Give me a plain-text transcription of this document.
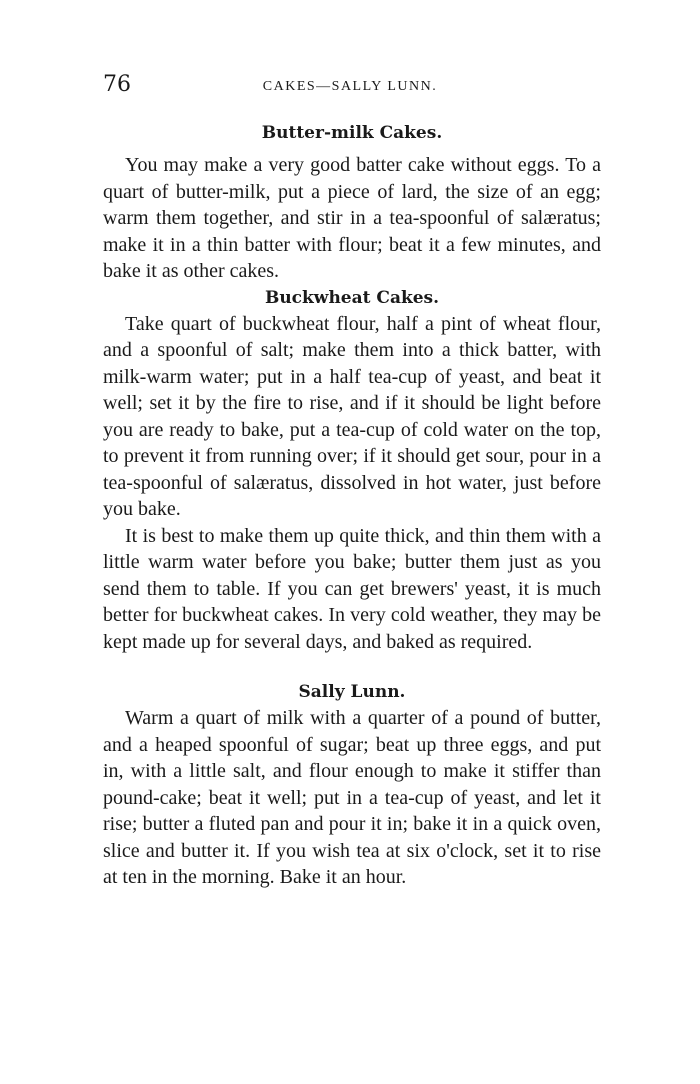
76	CAKES—SALLY LUNN.
Butter-milk Cakes.

You may make a very good batter cake without eggs. To a quart of butter-milk, put a piece of lard, the size of an egg; warm them together, and stir in a tea-spoonful of salæratus; make it in a thin batter with flour; beat it a few minutes, and bake it as other cakes.

Buckwheat Cakes.

Take quart of buckwheat flour, half a pint of wheat flour, and a spoonful of salt; make them into a thick batter, with milk-warm water; put in a half tea-cup of yeast, and beat it well; set it by the fire to rise, and if it should be light before you are ready to bake, put a tea-cup of cold water on the top, to prevent it from running over; if it should get sour, pour in a tea-spoonful of salæratus, dissolved in hot water, just before you bake.

It is best to make them up quite thick, and thin them with a little warm water before you bake; butter them just as you send them to table. If you can get brewers' yeast, it is much better for buckwheat cakes. In very cold weather, they may be kept made up for several days, and baked as required.

Sally Lunn.

Warm a quart of milk with a quarter of a pound of butter, and a heaped spoonful of sugar; beat up three eggs, and put in, with a little salt, and flour enough to make it stiffer than pound-cake; beat it well; put in a tea-cup of yeast, and let it rise; butter a fluted pan and pour it in; bake it in a quick oven, slice and butter it. If you wish tea at six o'clock, set it to rise at ten in the morning. Bake it an hour.
